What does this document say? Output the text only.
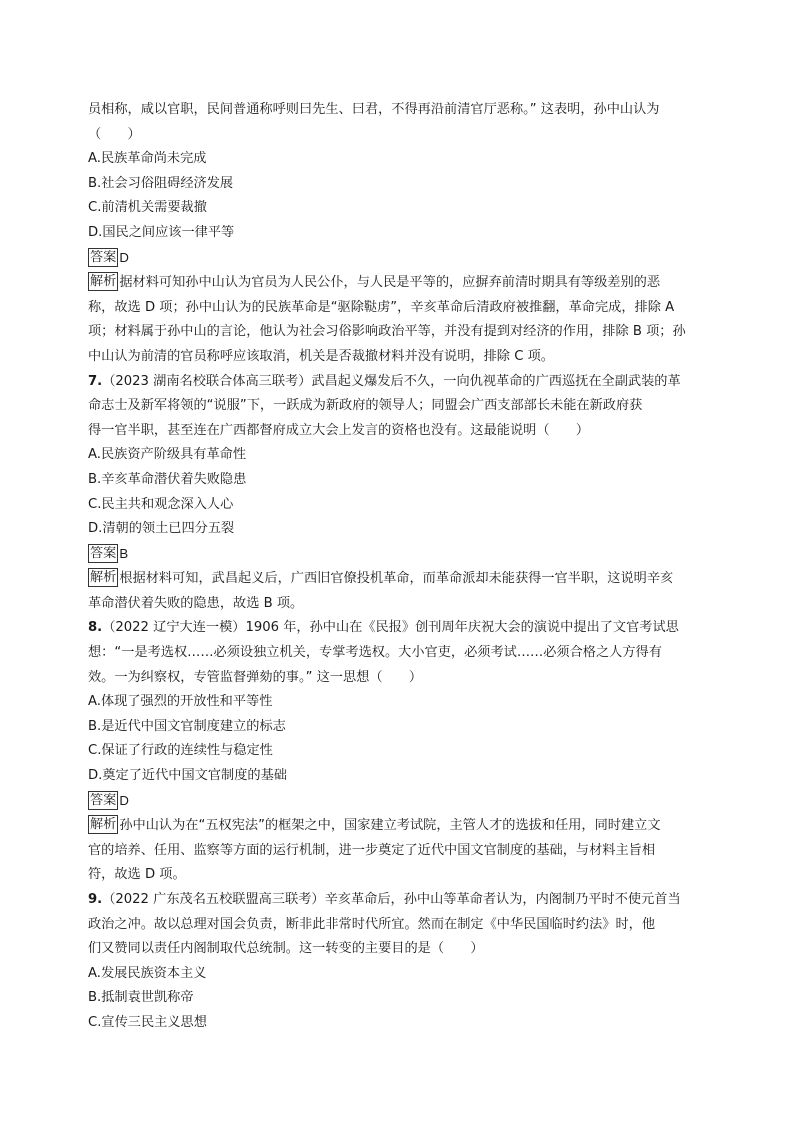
员相称，咸以官职，民间普通称呼则曰先生、曰君，不得再沿前清官厅恶称。” 这表明，孙中山认为
（　　）
A.民族革命尚未完成
B.社会习俗阻碍经济发展
C.前清机关需要裁撤
D.国民之间应该一律平等
答案 D
解析 据材料可知孙中山认为官员为人民公仆，与人民是平等的，应摒弃前清时期具有等级差别的恶
称，故选 D 项；孙中山认为的民族革命是“驱除鞑虏”，辛亥革命后清政府被推翻，革命完成，排除 A
项；材料属于孙中山的言论，他认为社会习俗影响政治平等，并没有提到对经济的作用，排除 B 项；孙
中山认为前清的官员称呼应该取消，机关是否裁撤材料并没有说明，排除 C 项。
7.（2023 湖南名校联合体高三联考）武昌起义爆发后不久，一向仇视革命的广西巡抚在全副武装的革
命志士及新军将领的“说服”下，一跃成为新政府的领导人；同盟会广西支部部长未能在新政府获
得一官半职，甚至连在广西都督府成立大会上发言的资格也没有。这最能说明（　　）
A.民族资产阶级具有革命性
B.辛亥革命潜伏着失败隐患
C.民主共和观念深入人心
D.清朝的领土已四分五裂
答案 B
解析 根据材料可知，武昌起义后，广西旧官僚投机革命，而革命派却未能获得一官半职，这说明辛亥
革命潜伏着失败的隐患，故选 B 项。
8.（2022 辽宁大连一模）1906 年，孙中山在《民报》创刊周年庆祝大会的演说中提出了文官考试思
想：“一是考选权……必须设独立机关，专掌考选权。大小官吏，必须考试……必须合格之人方得有
效。一为纠察权，专管监督弹劾的事。” 这一思想（　　）
A.体现了强烈的开放性和平等性
B.是近代中国文官制度建立的标志
C.保证了行政的连续性与稳定性
D.奠定了近代中国文官制度的基础
答案 D
解析 孙中山认为在“五权宪法”的框架之中，国家建立考试院，主管人才的选拔和任用，同时建立文
官的培养、任用、监察等方面的运行机制，进一步奠定了近代中国文官制度的基础，与材料主旨相
符，故选 D 项。
9.（2022 广东茂名五校联盟高三联考）辛亥革命后，孙中山等革命者认为，内阁制乃平时不使元首当
政治之冲。故以总理对国会负责，断非此非常时代所宜。然而在制定《中华民国临时约法》时，他
们又赞同以责任内阁制取代总统制。这一转变的主要目的是（　　）
A.发展民族资本主义
B.抵制袁世凯称帝
C.宣传三民主义思想
